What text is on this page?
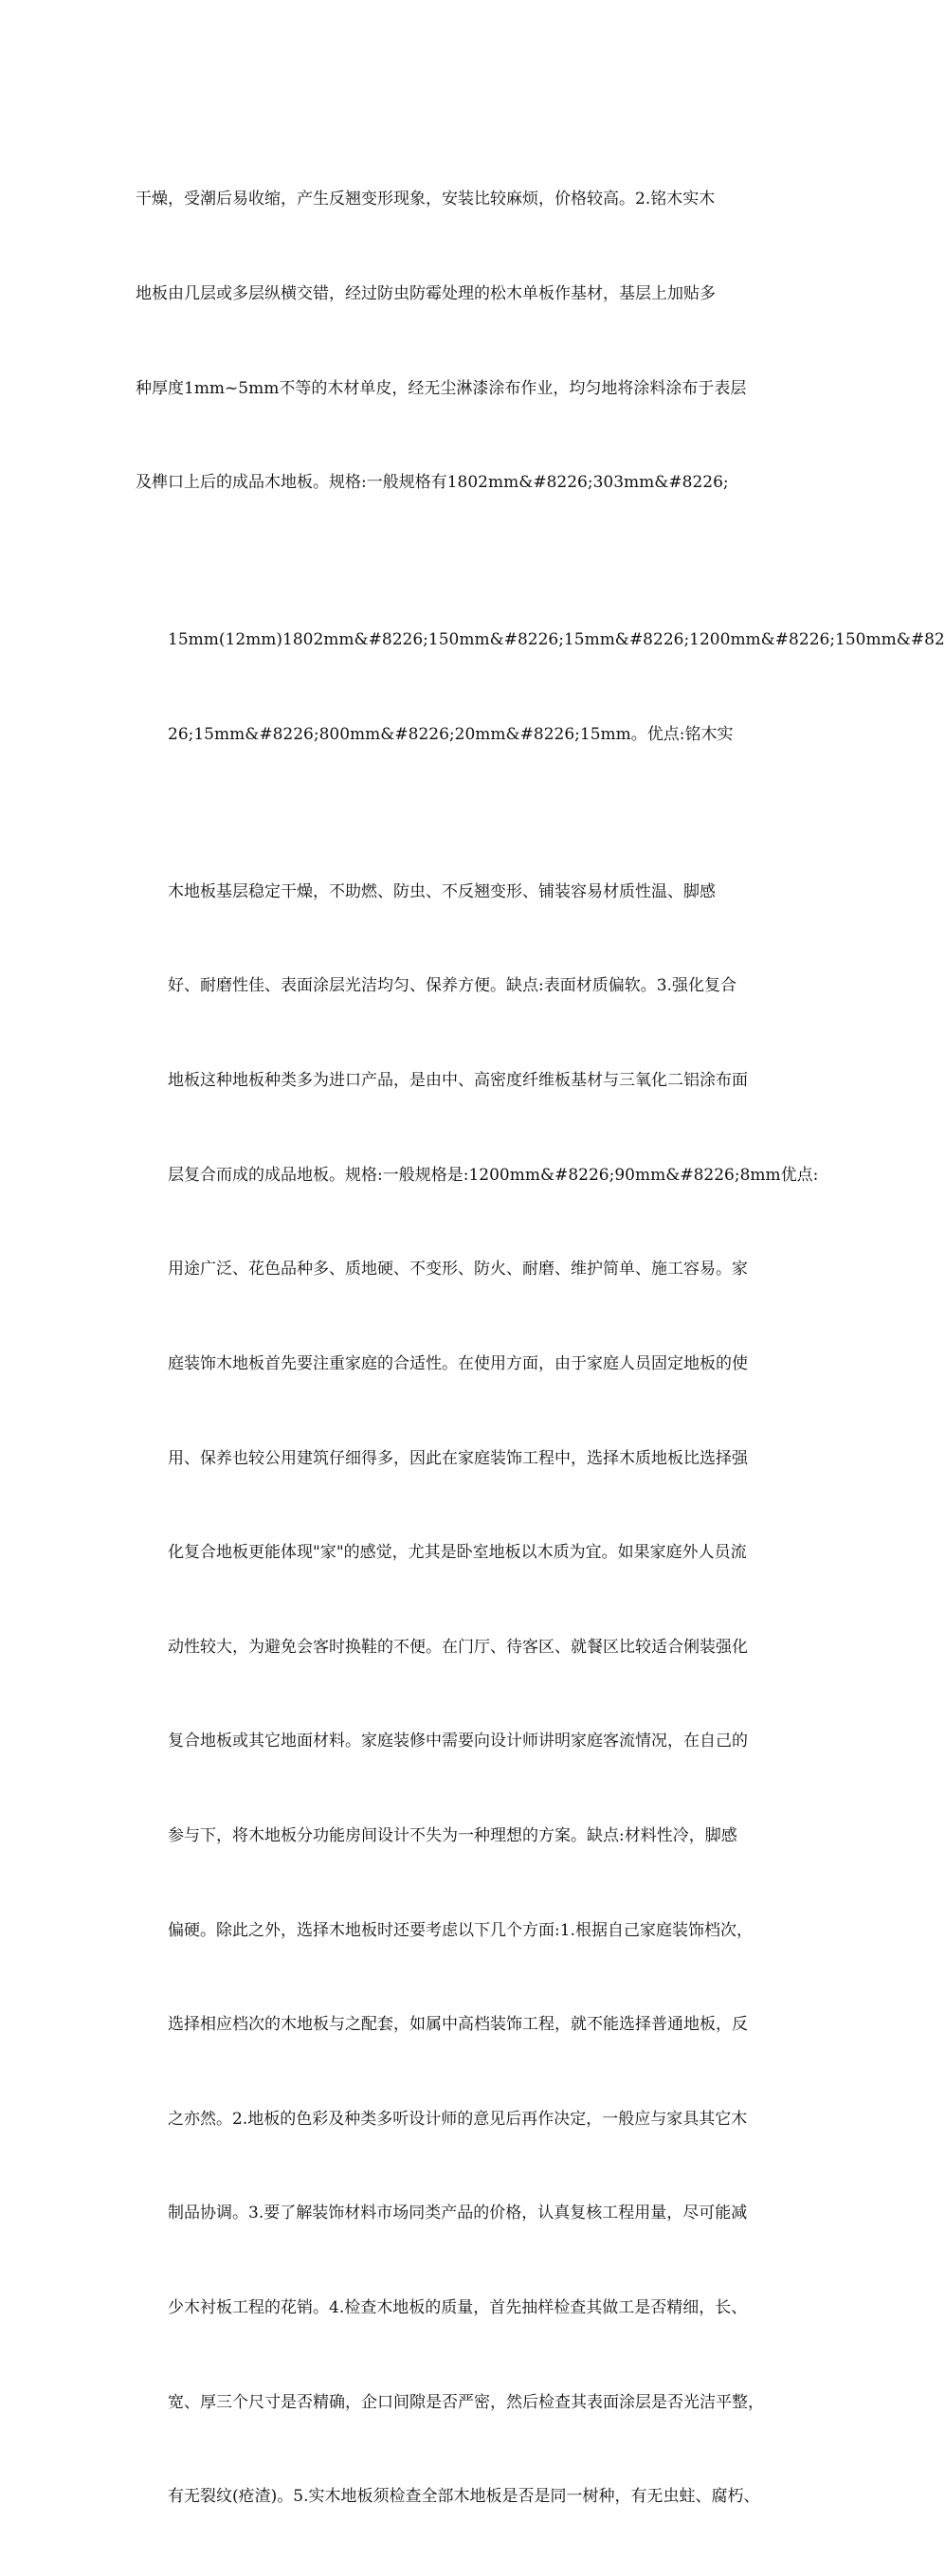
干燥，受潮后易收缩，产生反翘变形现象，安装比较麻烦，价格较高。2.铭木实木

地板由几层或多层纵横交错，经过防虫防霉处理的松木单板作基材，基层上加贴多

种厚度1mm~5mm不等的木材单皮，经无尘淋漆涂布作业，均匀地将涂料涂布于表层

及榫口上后的成品木地板。规格:一般规格有1802mm&#8226;303mm&#8226;

15mm(12mm)1802mm&#8226;150mm&#8226;15mm&#8226;1200mm&#8226;150mm&#82

26;15mm&#8226;800mm&#8226;20mm&#8226;15mm。优点:铭木实

木地板基层稳定干燥，不助燃、防虫、不反翘变形、铺装容易材质性温、脚感

好、耐磨性佳、表面涂层光洁均匀、保养方便。缺点:表面材质偏软。3.强化复合

地板这种地板种类多为进口产品，是由中、高密度纤维板基材与三氧化二铝涂布面

层复合而成的成品地板。规格:一般规格是:1200mm&#8226;90mm&#8226;8mm优点:

用途广泛、花色品种多、质地硬、不变形、防火、耐磨、维护简单、施工容易。家

庭装饰木地板首先要注重家庭的合适性。在使用方面，由于家庭人员固定地板的使

用、保养也较公用建筑仔细得多，因此在家庭装饰工程中，选择木质地板比选择强

化复合地板更能体现"家"的感觉，尤其是卧室地板以木质为宜。如果家庭外人员流

动性较大，为避免会客时换鞋的不便。在门厅、待客区、就餐区比较适合俐装强化

复合地板或其它地面材料。家庭装修中需要向设计师讲明家庭客流情况，在自己的

参与下，将木地板分功能房间设计不失为一种理想的方案。缺点:材料性冷，脚感

偏硬。除此之外，选择木地板时还要考虑以下几个方面:1.根据自己家庭装饰档次，

选择相应档次的木地板与之配套，如属中高档装饰工程，就不能选择普通地板，反

之亦然。2.地板的色彩及种类多听设计师的意见后再作决定，一般应与家具其它木

制品协调。3.要了解装饰材料市场同类产品的价格，认真复核工程用量，尽可能减

少木衬板工程的花销。4.检查木地板的质量，首先抽样检查其做工是否精细，长、

宽、厚三个尺寸是否精确，企口间隙是否严密，然后检查其表面涂层是否光洁平整，

有无裂纹(疮渣)。5.实木地板须检查全部木地板是否是同一树种，有无虫蛀、腐朽、
